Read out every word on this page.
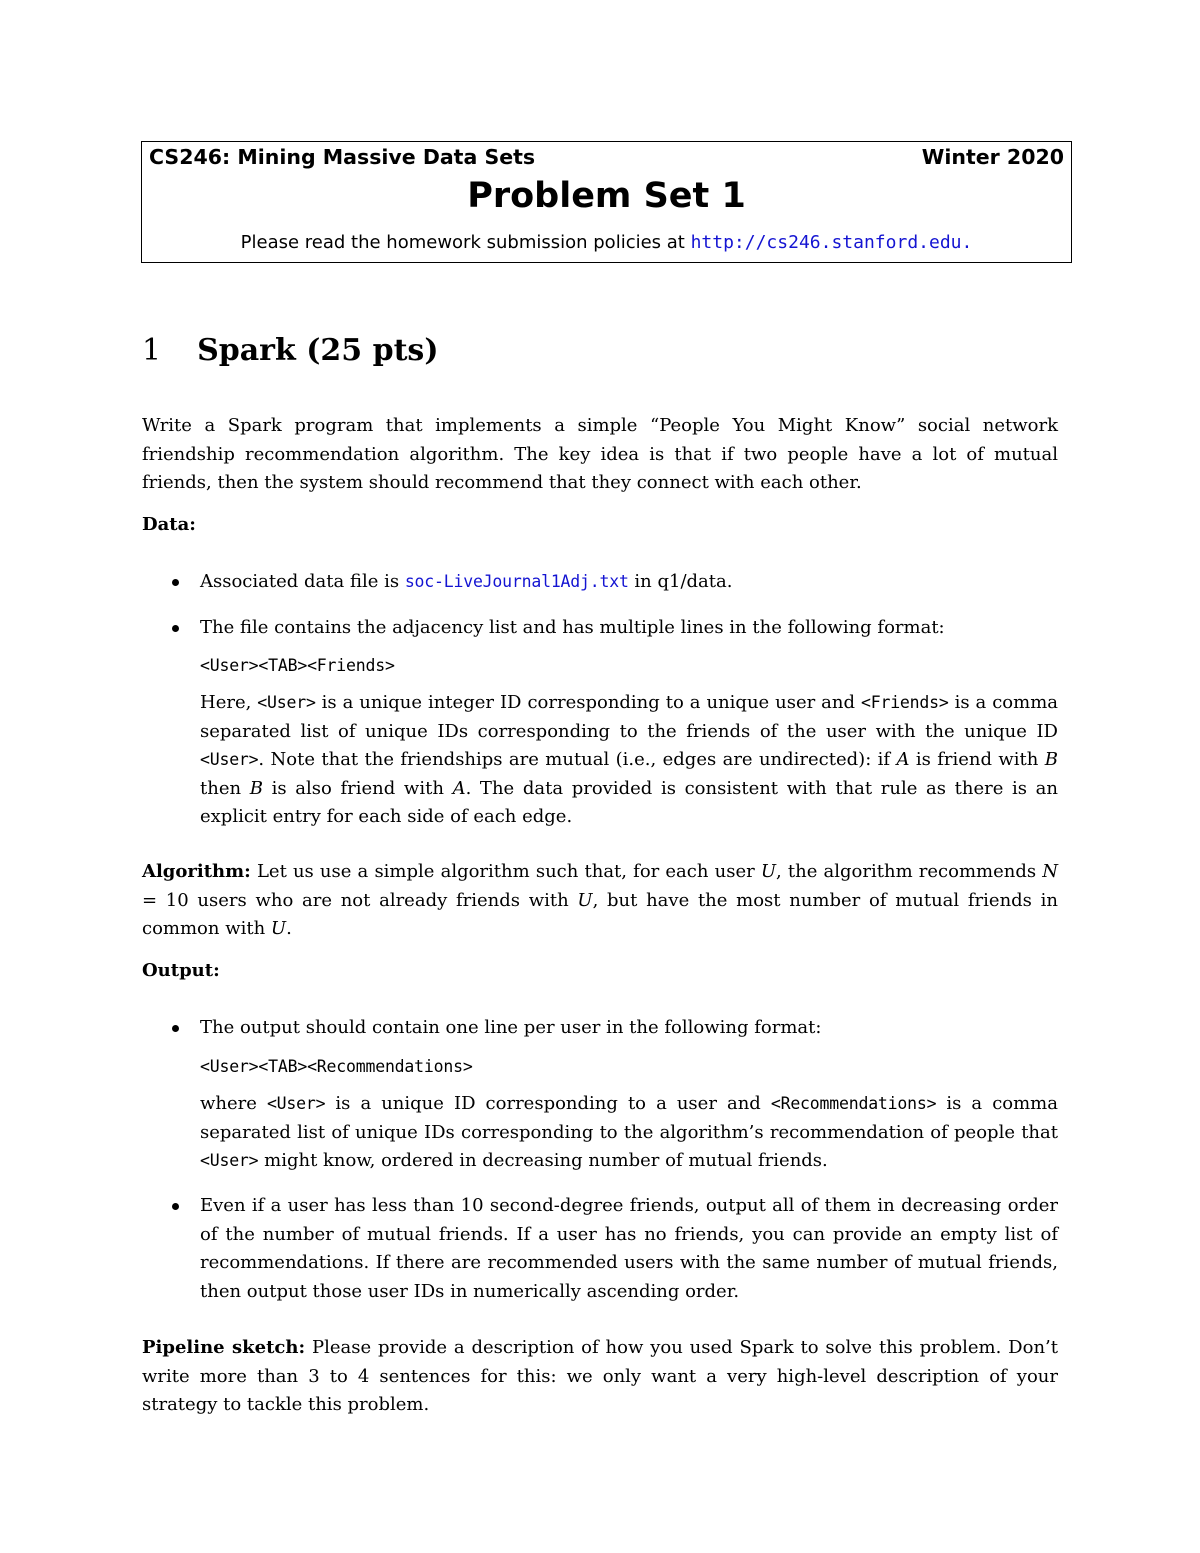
CS246: Mining Massive Data Sets	Winter 2020
Problem Set 1
Please read the homework submission policies at http://cs246.stanford.edu.
1 Spark (25 pts)
Write a Spark program that implements a simple “People You Might Know” social network friendship recommendation algorithm. The key idea is that if two people have a lot of mutual friends, then the system should recommend that they connect with each other.
Data:
Associated data file is soc-LiveJournal1Adj.txt in q1/data.
The file contains the adjacency list and has multiple lines in the following format:
<User><TAB><Friends>
Here, <User> is a unique integer ID corresponding to a unique user and <Friends> is a comma separated list of unique IDs corresponding to the friends of the user with the unique ID <User>. Note that the friendships are mutual (i.e., edges are undirected): if A is friend with B then B is also friend with A. The data provided is consistent with that rule as there is an explicit entry for each side of each edge.
Algorithm: Let us use a simple algorithm such that, for each user U, the algorithm recommends N = 10 users who are not already friends with U, but have the most number of mutual friends in common with U.
Output:
The output should contain one line per user in the following format:
<User><TAB><Recommendations>
where <User> is a unique ID corresponding to a user and <Recommendations> is a comma separated list of unique IDs corresponding to the algorithm’s recommendation of people that <User> might know, ordered in decreasing number of mutual friends.
Even if a user has less than 10 second-degree friends, output all of them in decreasing order of the number of mutual friends. If a user has no friends, you can provide an empty list of recommendations. If there are recommended users with the same number of mutual friends, then output those user IDs in numerically ascending order.
Pipeline sketch: Please provide a description of how you used Spark to solve this problem. Don’t write more than 3 to 4 sentences for this: we only want a very high-level description of your strategy to tackle this problem.
